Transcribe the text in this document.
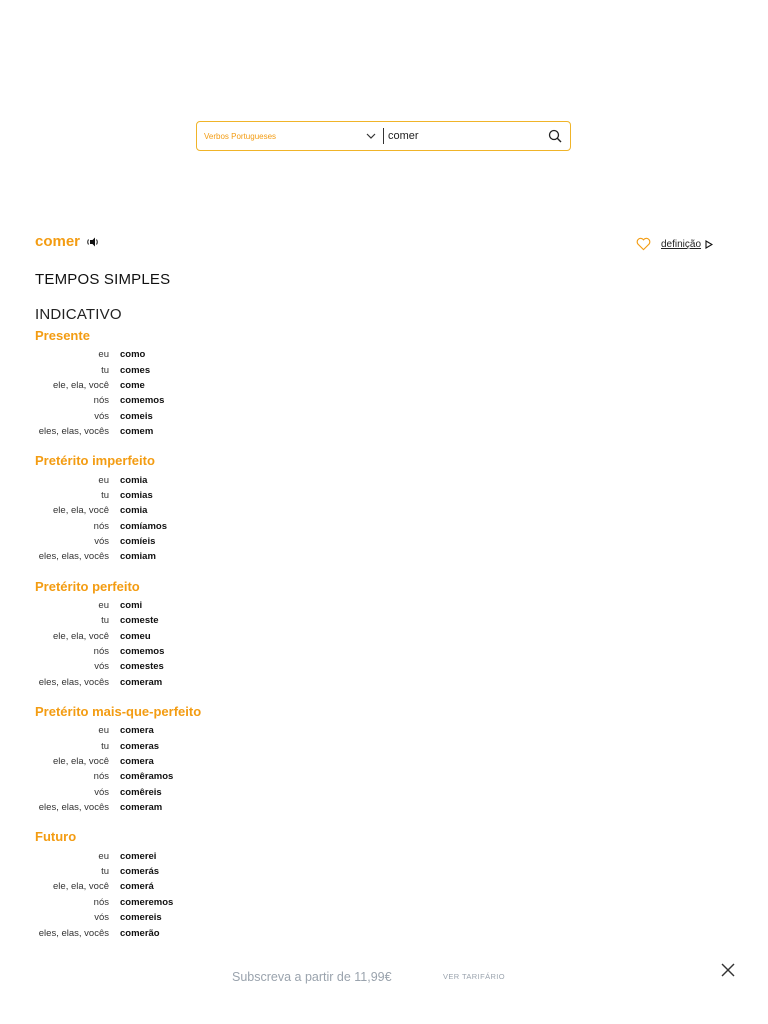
Verbos Portugueses
comer
comer	definição
TEMPOS SIMPLES
INDICATIVO
Presente
eu	como
tu	comes
ele, ela, você	come
nós	comemos
vós	comeis
eles, elas, vocês	comem
Pretérito imperfeito
eu	comia
tu	comias
ele, ela, você	comia
nós	comíamos
vós	comíeis
eles, elas, vocês	comiam
Pretérito perfeito
eu	comi
tu	comeste
ele, ela, você	comeu
nós	comemos
vós	comestes
eles, elas, vocês	comeram
Pretérito mais-que-perfeito
eu	comera
tu	comeras
ele, ela, você	comera
nós	comêramos
vós	comêreis
eles, elas, vocês	comeram
Futuro
eu	comerei
tu	comerás
ele, ela, você	comerá
nós	comeremos
vós	comereis
eles, elas, vocês	comerão
Subscreva a partir de 11,99€	VER TARIFÁRIO
